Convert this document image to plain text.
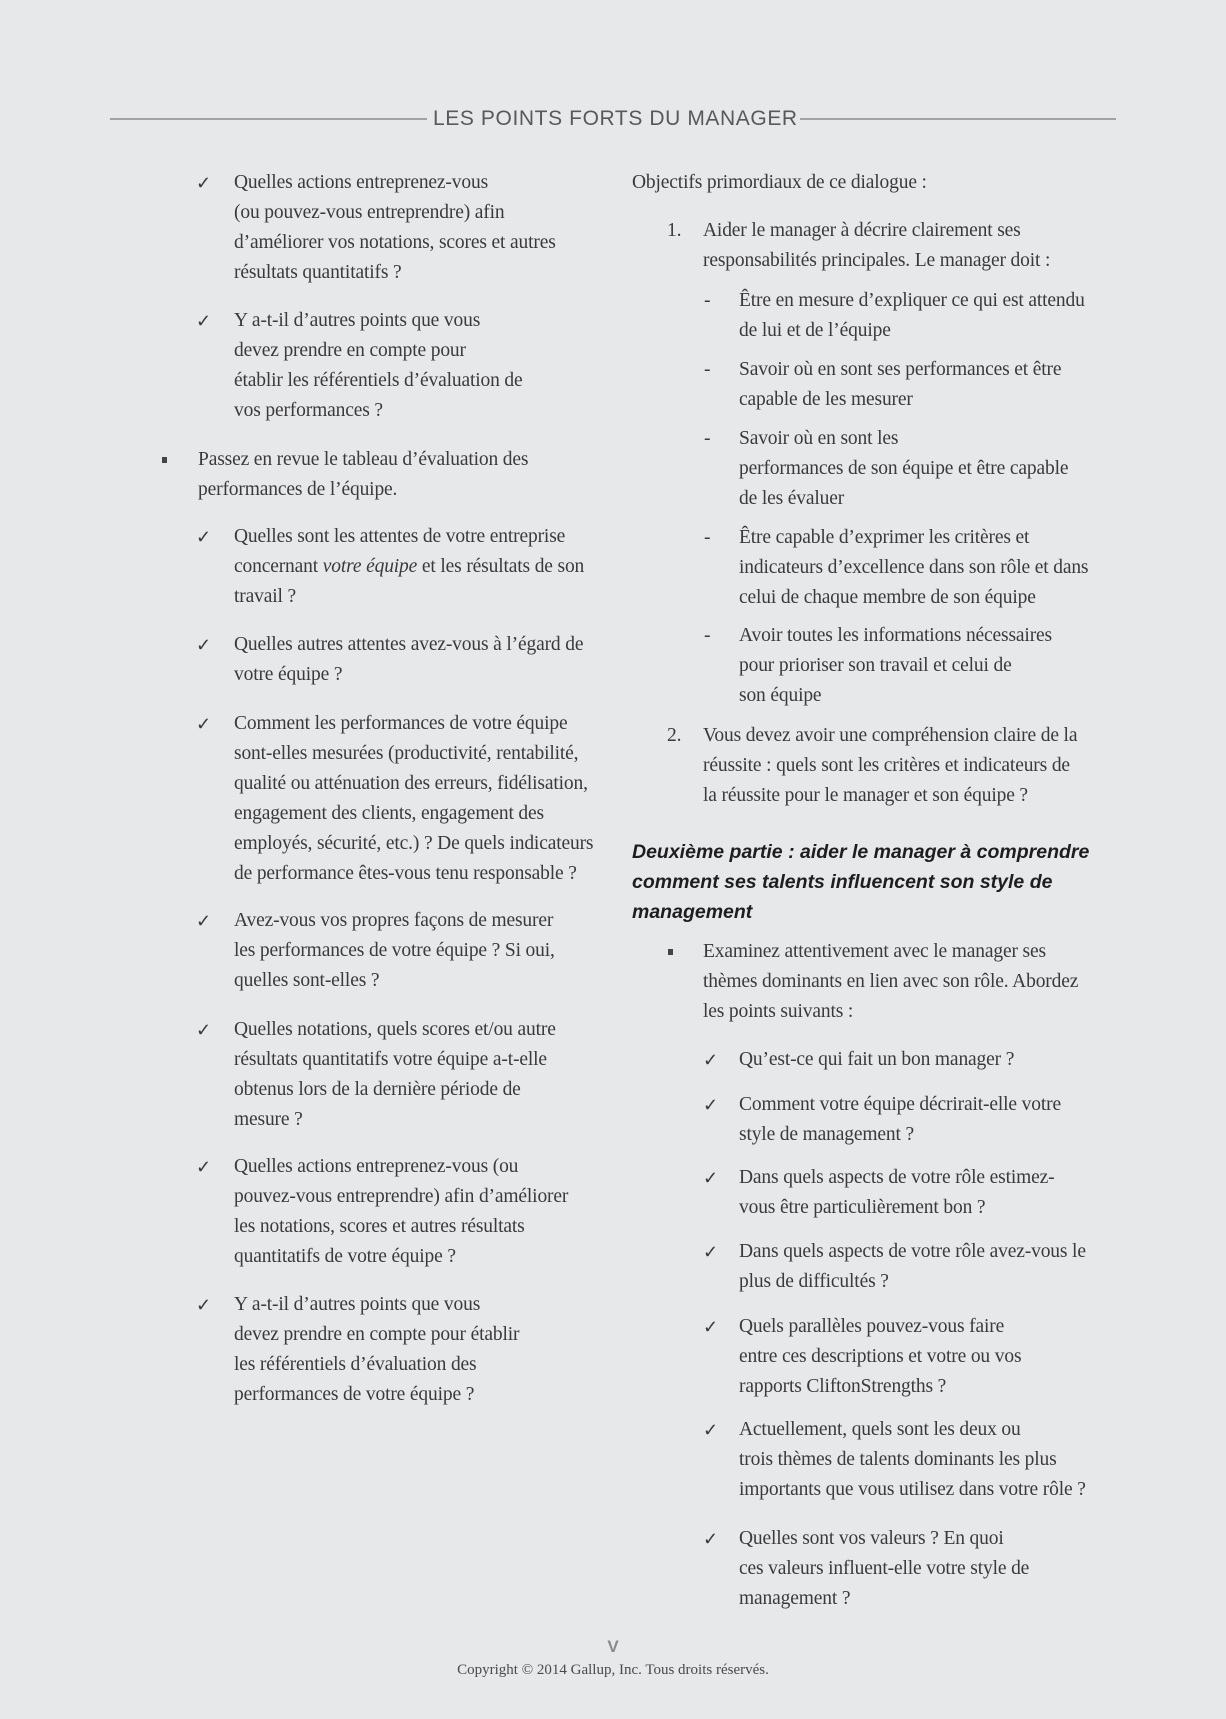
LES POINTS FORTS DU MANAGER
✓ Quelles actions entreprenez-vous
(ou pouvez-vous entreprendre) afin
d’améliorer vos notations, scores et autres
résultats quantitatifs ?
✓ Y a-t-il d’autres points que vous
devez prendre en compte pour
établir les référentiels d’évaluation de
vos performances ?
Passez en revue le tableau d’évaluation des
performances de l’équipe.
✓ Quelles sont les attentes de votre entreprise
concernant votre équipe et les résultats de son
travail ?
✓ Quelles autres attentes avez-vous à l’égard de
votre équipe ?
✓ Comment les performances de votre équipe
sont-elles mesurées (productivité, rentabilité,
qualité ou atténuation des erreurs, fidélisation,
engagement des clients, engagement des
employés, sécurité, etc.) ? De quels indicateurs
de performance êtes-vous tenu responsable ?
✓ Avez-vous vos propres façons de mesurer
les performances de votre équipe ? Si oui,
quelles sont-elles ?
✓ Quelles notations, quels scores et/ou autre
résultats quantitatifs votre équipe a-t-elle
obtenus lors de la dernière période de
mesure ?
✓ Quelles actions entreprenez-vous (ou
pouvez-vous entreprendre) afin d’améliorer
les notations, scores et autres résultats
quantitatifs de votre équipe ?
✓ Y a-t-il d’autres points que vous
devez prendre en compte pour établir
les référentiels d’évaluation des
performances de votre équipe ?
Objectifs primordiaux de ce dialogue :
1. Aider le manager à décrire clairement ses
responsabilités principales. Le manager doit :
- Être en mesure d’expliquer ce qui est attendu
de lui et de l’équipe
- Savoir où en sont ses performances et être
capable de les mesurer
- Savoir où en sont les
performances de son équipe et être capable
de les évaluer
- Être capable d’exprimer les critères et
indicateurs d’excellence dans son rôle et dans
celui de chaque membre de son équipe
- Avoir toutes les informations nécessaires
pour prioriser son travail et celui de
son équipe
2. Vous devez avoir une compréhension claire de la
réussite : quels sont les critères et indicateurs de
la réussite pour le manager et son équipe ?
Deuxième partie : aider le manager à comprendre
comment ses talents influencent son style de
management
Examinez attentivement avec le manager ses
thèmes dominants en lien avec son rôle. Abordez
les points suivants :
✓ Qu’est-ce qui fait un bon manager ?
✓ Comment votre équipe décrirait-elle votre
style de management ?
✓ Dans quels aspects de votre rôle estimez-
vous être particulièrement bon ?
✓ Dans quels aspects de votre rôle avez-vous le
plus de difficultés ?
✓ Quels parallèles pouvez-vous faire
entre ces descriptions et votre ou vos
rapports CliftonStrengths ?
✓ Actuellement, quels sont les deux ou
trois thèmes de talents dominants les plus
importants que vous utilisez dans votre rôle ?
✓ Quelles sont vos valeurs ? En quoi
ces valeurs influent-elle votre style de
management ?
V
Copyright © 2014 Gallup, Inc. Tous droits réservés.
